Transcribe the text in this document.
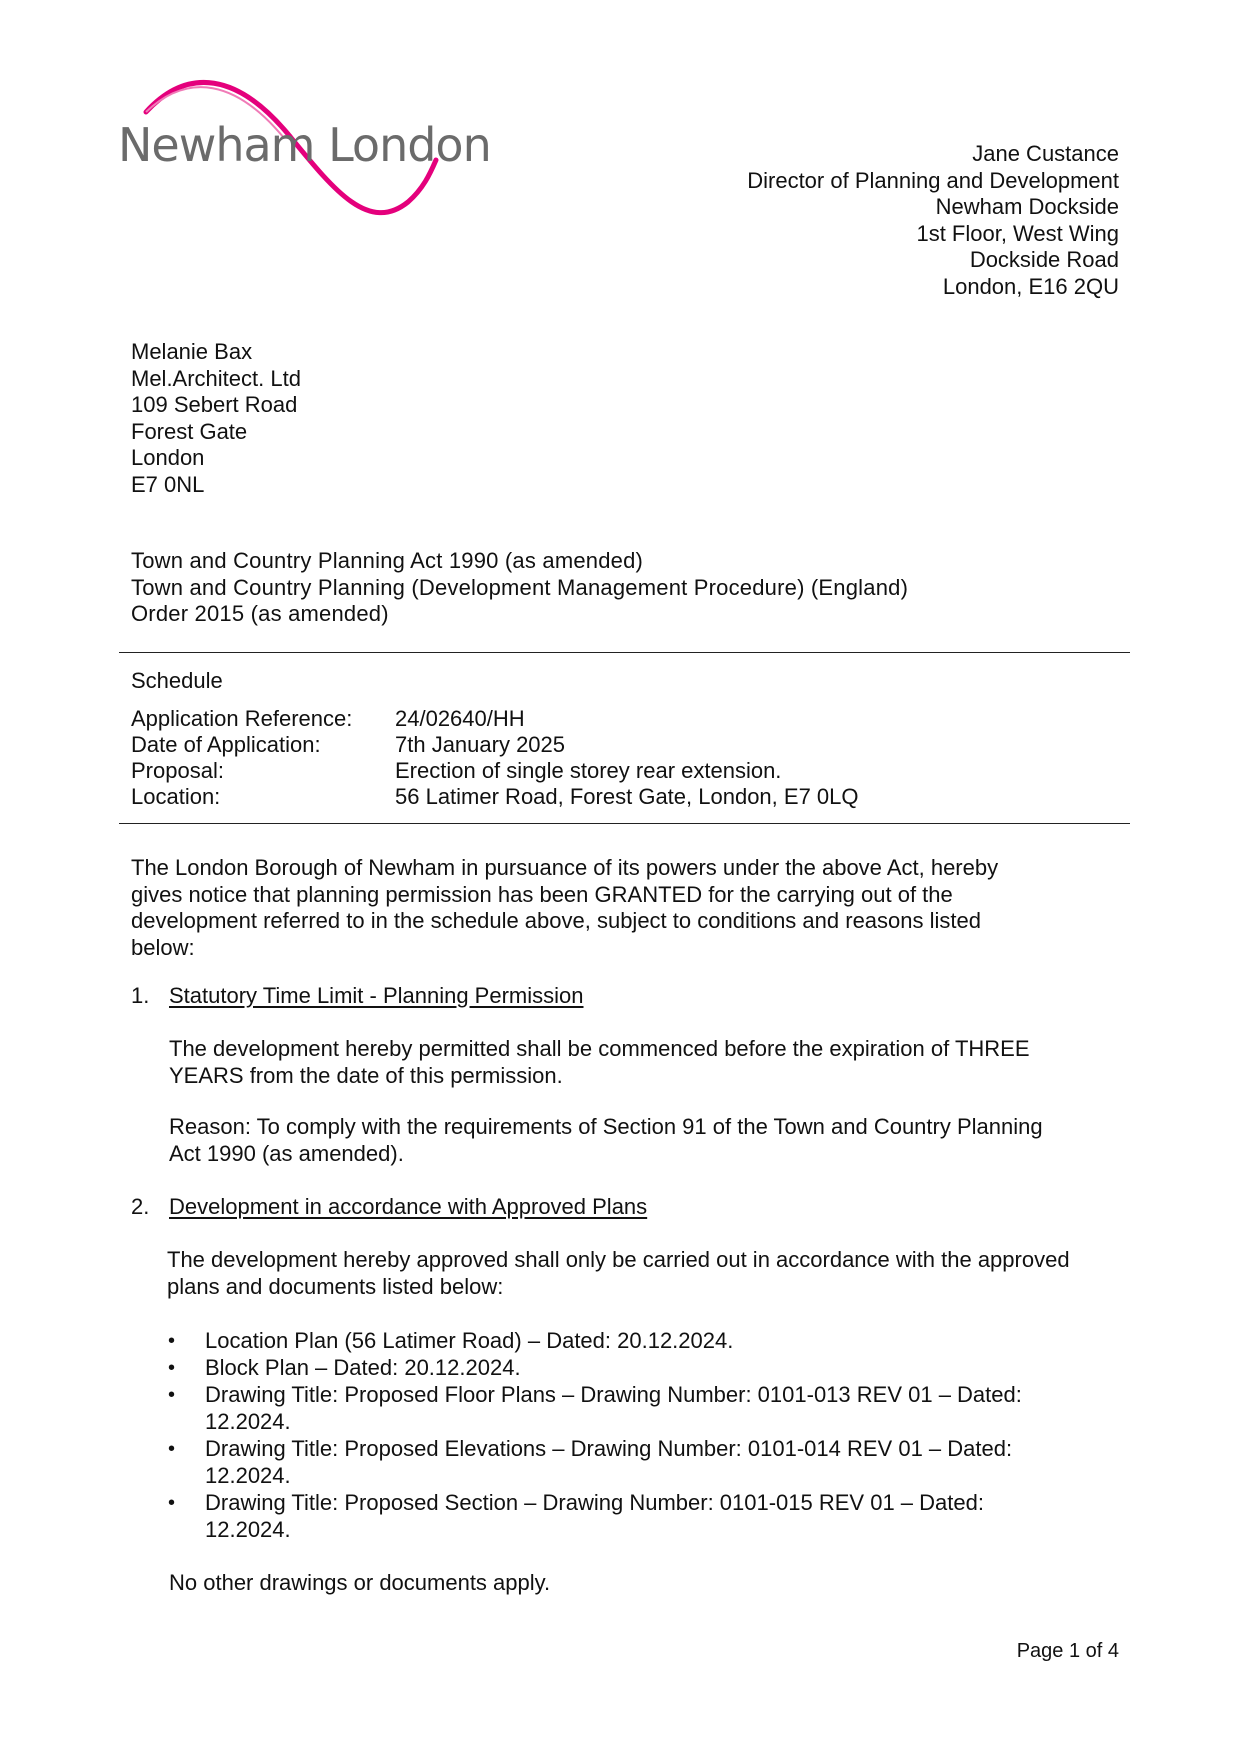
Newham London	Jane Custance
Director of Planning and Development
Newham Dockside
1st Floor, West Wing
Dockside Road
London, E16 2QU
Melanie Bax
Mel.Architect. Ltd
109 Sebert Road
Forest Gate
London
E7 0NL
Town and Country Planning Act 1990 (as amended)
Town and Country Planning (Development Management Procedure) (England)
Order 2015 (as amended)
Schedule
Application Reference: 24/02640/HH
Date of Application:	7th January 2025
Proposal:	Erection of single storey rear extension.
Location:	56 Latimer Road, Forest Gate, London, E7 0LQ
The London Borough of Newham in pursuance of its powers under the above Act, hereby
gives notice that planning permission has been GRANTED for the carrying out of the
development referred to in the schedule above, subject to conditions and reasons listed
below:
1. Statutory Time Limit - Planning Permission
The development hereby permitted shall be commenced before the expiration of THREE
YEARS from the date of this permission.
Reason: To comply with the requirements of Section 91 of the Town and Country Planning
Act 1990 (as amended).
2. Development in accordance with Approved Plans
The development hereby approved shall only be carried out in accordance with the approved
plans and documents listed below:
• Location Plan (56 Latimer Road) – Dated: 20.12.2024.
• Block Plan – Dated: 20.12.2024.
• Drawing Title: Proposed Floor Plans – Drawing Number: 0101-013 REV 01 – Dated:
12.2024.
• Drawing Title: Proposed Elevations – Drawing Number: 0101-014 REV 01 – Dated:
12.2024.
• Drawing Title: Proposed Section – Drawing Number: 0101-015 REV 01 – Dated:
12.2024.
No other drawings or documents apply.
Page 1 of 4
